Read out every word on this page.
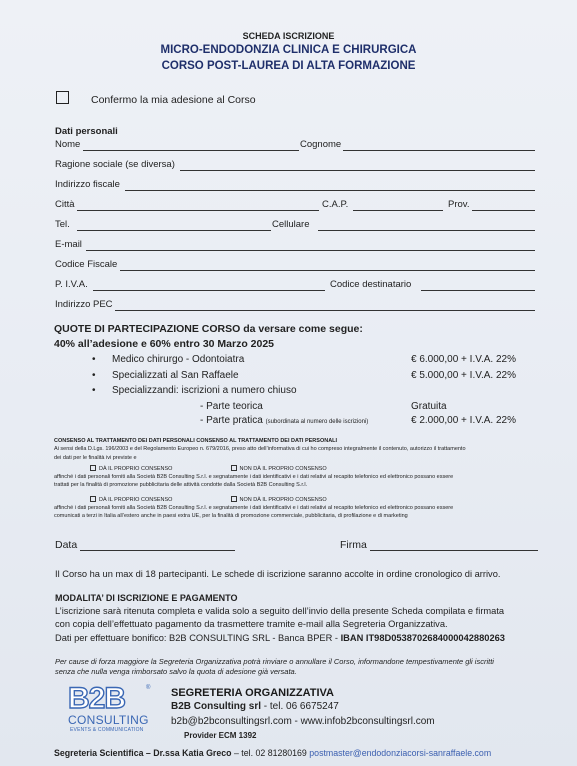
SCHEDA ISCRIZIONE
MICRO-ENDODONZIA CLINICA E CHIRURGICA
CORSO POST-LAUREA DI ALTA FORMAZIONE
Confermo la mia adesione al Corso
Dati personali
Nome	Cognome
Ragione sociale (se diversa)
Indirizzo fiscale
Città	C.A.P.	Prov.
Tel.	Cellulare
E-mail
Codice Fiscale
P. I.V.A.	Codice destinatario
Indirizzo PEC
QUOTE DI PARTECIPAZIONE CORSO da versare come segue:
40% all’adesione e 60% entro 30 Marzo 2025
• Medico chirurgo - Odontoiatra	€ 6.000,00 + I.V.A. 22%
• Specializzati al San Raffaele	€ 5.000,00 + I.V.A. 22%
• Specializzandi: iscrizioni a numero chiuso
- Parte teorica	Gratuita
- Parte pratica (subordinata al numero delle iscrizioni)	€ 2.000,00 + I.V.A. 22%
CONSENSO AL TRATTAMENTO DEI DATI PERSONALI CONSENSO AL TRATTAMENTO DEI DATI PERSONALI
Ai sensi della D.Lgs. 196/2003 e del Regolamento Europeo n. 679/2016, preso atto dell’informativa di cui ho compreso integralmente il contenuto, autorizzo il trattamento
dei dati per le finalità ivi previste e
DÀ IL PROPRIO CONSENSO	NON DÀ IL PROPRIO CONSENSO
affinché i dati personali forniti alla Società B2B Consulting S.r.l. e segnatamente i dati identificativi e i dati relativi al recapito telefonico ed elettronico possano essere
trattati per la finalità di promozione pubblicitaria delle attività condotte dalla Società B2B Consulting S.r.l.
DÀ IL PROPRIO CONSENSO	NON DÀ IL PROPRIO CONSENSO
affinché i dati personali forniti alla Società B2B Consulting S.r.l. e segnatamente i dati identificativi e i dati relativi al recapito telefonico ed elettronico possano essere
comunicati a terzi in Italia all’estero anche in paesi extra UE, per la finalità di promozione commerciale, pubblicitaria, di profilazione e di marketing
Data	Firma
Il Corso ha un max di 18 partecipanti. Le schede di iscrizione saranno accolte in ordine cronologico di arrivo.
MODALITA’ DI ISCRIZIONE E PAGAMENTO
L’iscrizione sarà ritenuta completa e valida solo a seguito dell’invio della presente Scheda compilata e firmata
con copia dell’effettuato pagamento da trasmettere tramite e-mail alla Segreteria Organizzativa.
Dati per effettuare bonifico: B2B CONSULTING SRL - Banca BPER - IBAN IT98D0538702684000042880263
Per cause di forza maggiore la Segreteria Organizzativa potrà rinviare o annullare il Corso, informandone tempestivamente gli iscritti
senza che nulla venga rimborsato salvo la quota di adesione già versata.
B2B	®
CONSULTING
EVENTS & COMMUNICATION
SEGRETERIA ORGANIZZATIVA
B2B Consulting srl - tel. 06 6675247
b2b@b2bconsultingsrl.com - www.infob2bconsultingsrl.com
Provider ECM 1392
Segreteria Scientifica – Dr.ssa Katia Greco – tel. 02 81280169 postmaster@endodonziacorsi-sanraffaele.com
